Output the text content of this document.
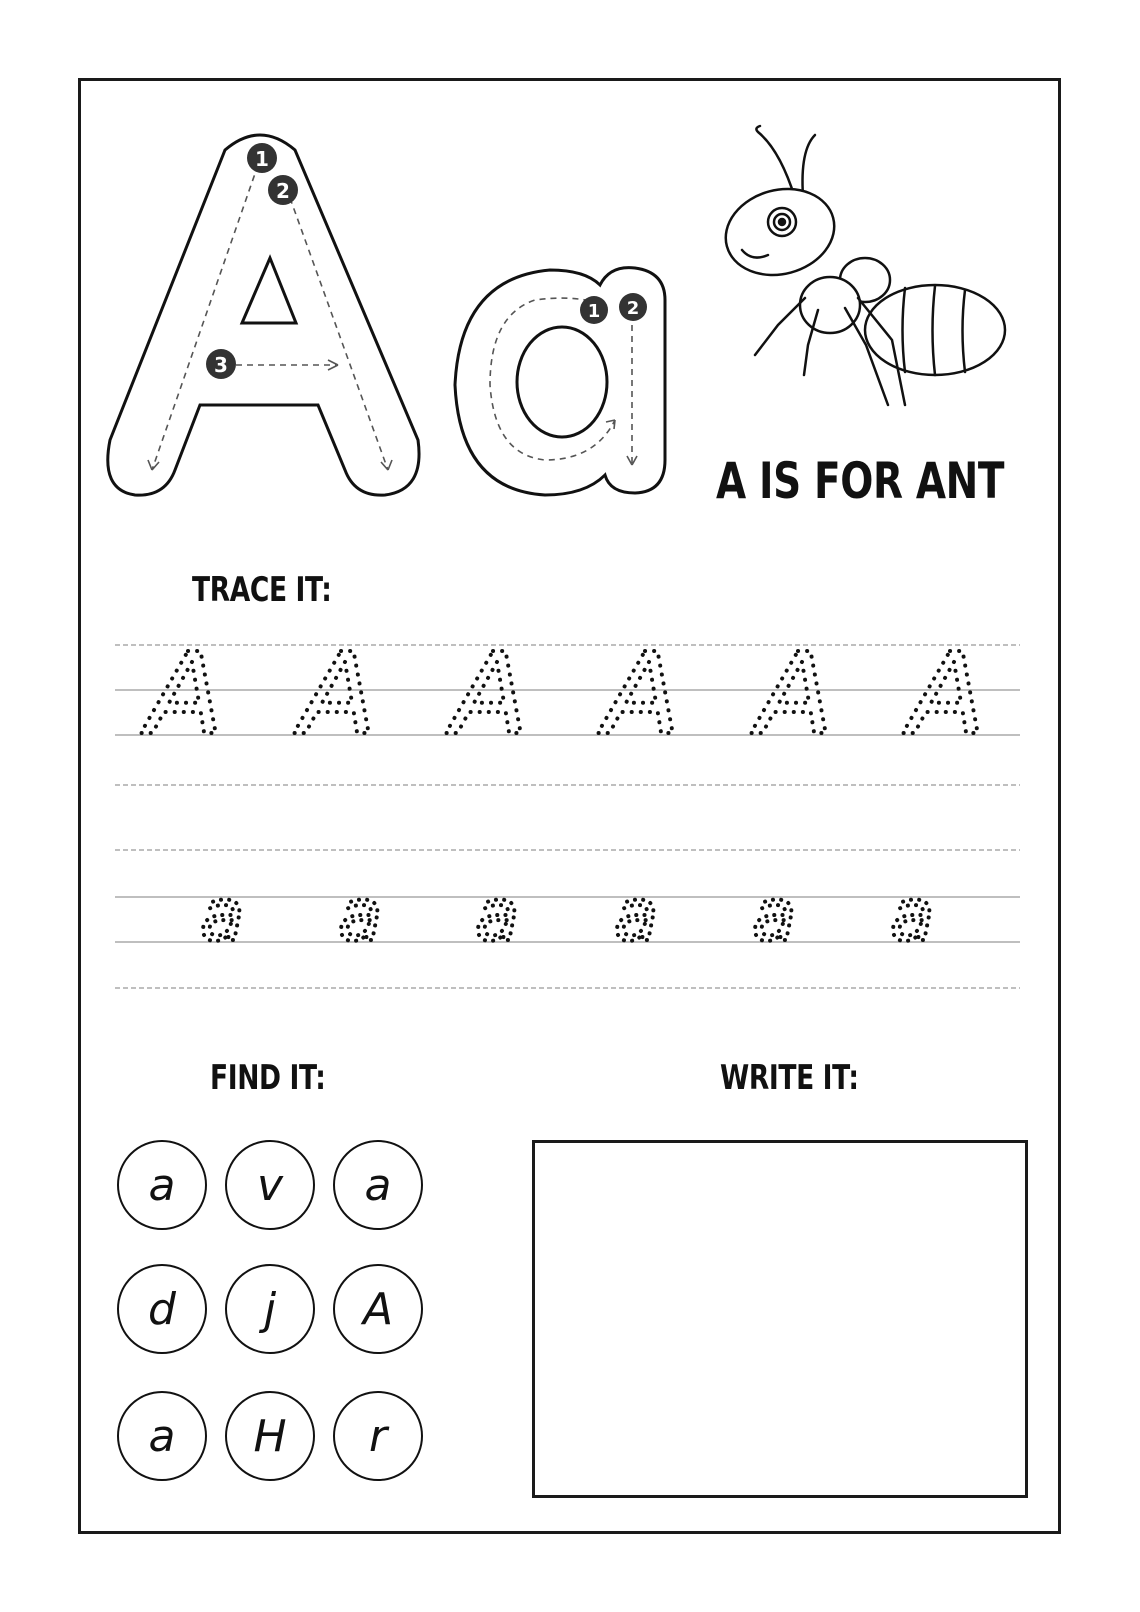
1
2
3
1 2
A IS FOR ANT
TRACE IT:
A A A A A A
a a a a a a
FIND IT:
a v a
d j A
a H r
WRITE IT:
